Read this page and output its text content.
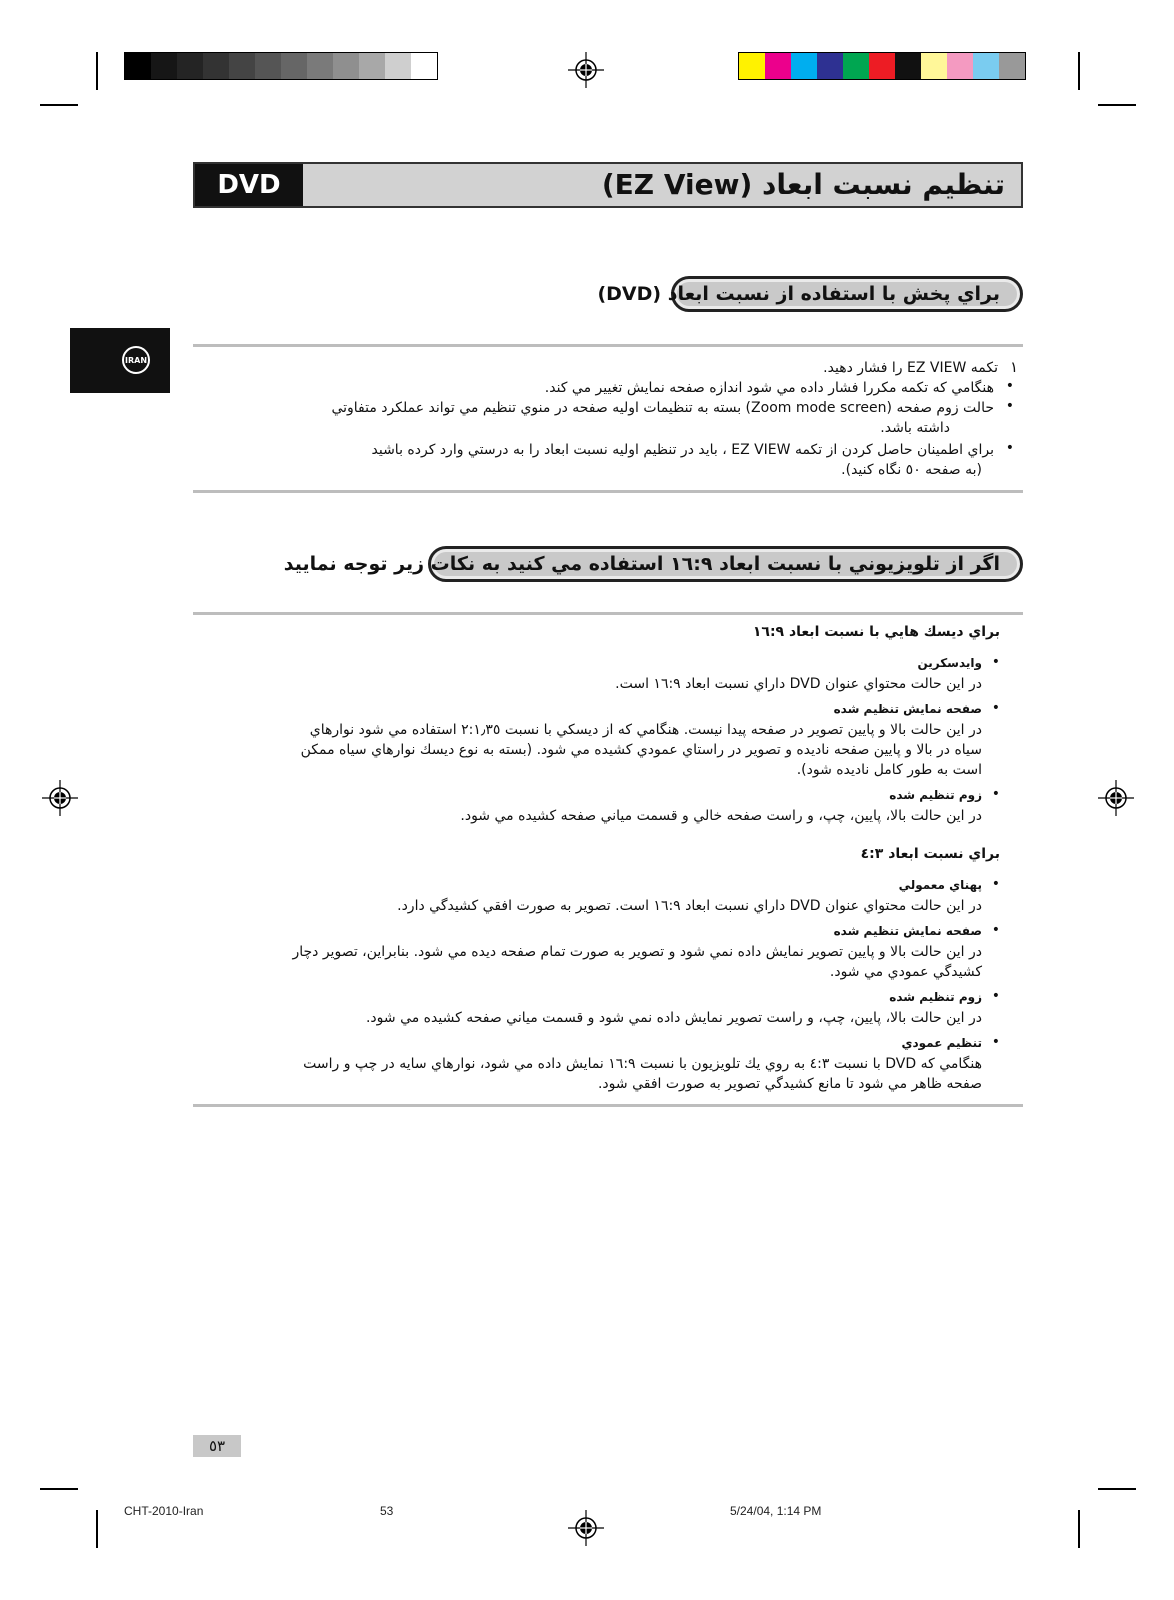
DVD	تنظيم نسبت ابعاد (EZ View)
IRAN
براي پخش با استفاده از نسبت ابعاد (DVD)
١
تكمه EZ VIEW را فشار دهيد.
•
هنگامي كه تكمه مكررا فشار داده مي شود اندازه صفحه نمايش تغيير مي كند.
•
حالت زوم صفحه (Zoom mode screen) بسته به تنظيمات اوليه صفحه در منوي تنظيم مي تواند عملكرد متفاوتي
داشته باشد.
•
براي اطمينان حاصل كردن از تكمه EZ VIEW ، بايد در تنظيم اوليه نسبت ابعاد را به درستي وارد كرده باشيد
(به صفحه ٥٠ نگاه كنيد).
اگر از تلويزيوني با نسبت ابعاد ١٦:٩ استفاده مي كنيد به نكات زير توجه نماييد
براي ديسك هايي با نسبت ابعاد ١٦:٩
•
وايدسكرين
در اين حالت محتواي عنوان DVD داراي نسبت ابعاد ١٦:٩ است.
•
صفحه نمايش تنظيم شده
در اين حالت بالا و پايين تصوير در صفحه پيدا نيست. هنگامي كه از ديسكي با نسبت ٢:١٫٣٥ استفاده مي شود نوارهاي
سياه در بالا و پايين صفحه ناديده و تصوير در راستاي عمودي كشيده مي شود. (بسته به نوع ديسك نوارهاي سياه ممكن
است به طور كامل ناديده شود).
•
زوم تنظيم شده
در اين حالت بالا، پايين، چپ، و راست صفحه خالي و قسمت مياني صفحه كشيده مي شود.
براي نسبت ابعاد ٤:٣
•
پهناي معمولي
در اين حالت محتواي عنوان DVD داراي نسبت ابعاد ١٦:٩ است. تصوير به صورت افقي كشيدگي دارد.
•
صفحه نمايش تنظيم شده
در اين حالت بالا و پايين تصوير نمايش داده نمي شود و تصوير به صورت تمام صفحه ديده مي شود. بنابراين، تصوير دچار
كشيدگي عمودي مي شود.
•
زوم تنظيم شده
در اين حالت بالا، پايين، چپ، و راست تصوير نمايش داده نمي شود و قسمت مياني صفحه كشيده مي شود.
•
تنظيم عمودي
هنگامي كه DVD با نسبت ٤:٣ به روي يك تلويزيون با نسبت ١٦:٩ نمايش داده مي شود، نوارهاي سايه در چپ و راست
صفحه ظاهر مي شود تا مانع كشيدگي تصوير به صورت افقي شود.
٥٣
CHT-2010-Iran	53	5/24/04, 1:14 PM
